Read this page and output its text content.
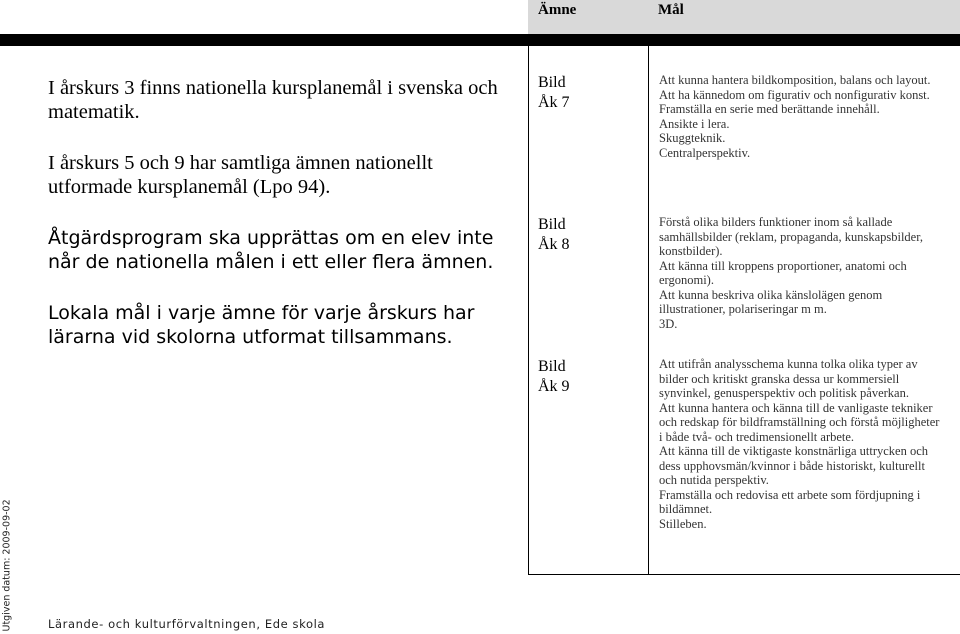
Ämne	Mål

I årskurs 3 finns nationella kursplanemål i svenska och matematik.

I årskurs 5 och 9 har samtliga ämnen nationellt utformade kursplanemål (Lpo 94).

Åtgärdsprogram ska upprättas om en elev inte når de nationella målen i ett eller flera ämnen.

Lokala mål i varje ämne för varje årskurs har lärarna vid skolorna utformat tillsammans.

Bild
Åk 7
Att kunna hantera bildkomposition, balans och layout.
Att ha kännedom om figurativ och nonfigurativ konst.
Framställa en serie med berättande innehåll.
Ansikte i lera.
Skuggteknik.
Centralperspektiv.
Bild
Åk 8
Förstå olika bilders funktioner inom så kallade samhällsbilder (reklam, propaganda, kunskapsbilder, konstbilder).
Att känna till kroppens proportioner, anatomi och ergonomi).
Att kunna beskriva olika känslolägen genom illustrationer, polariseringar m m.
3D.
Bild
Åk 9
Att utifrån analysschema kunna tolka olika typer av bilder och kritiskt granska dessa ur kommersiell synvinkel, genusperspektiv och politisk påverkan.
Att kunna hantera och känna till de vanligaste tekniker och redskap för bildframställning och förstå möjligheter i både två- och tredimensionellt arbete.
Att känna till de viktigaste konstnärliga uttrycken och dess upphovsmän/kvinnor i både historiskt, kulturellt och nutida perspektiv.
Framställa och redovisa ett arbete som fördjupning i bildämnet.
Stilleben.
Lärande- och kulturförvaltningen, Ede skola
Utgiven datum: 2009-09-02
